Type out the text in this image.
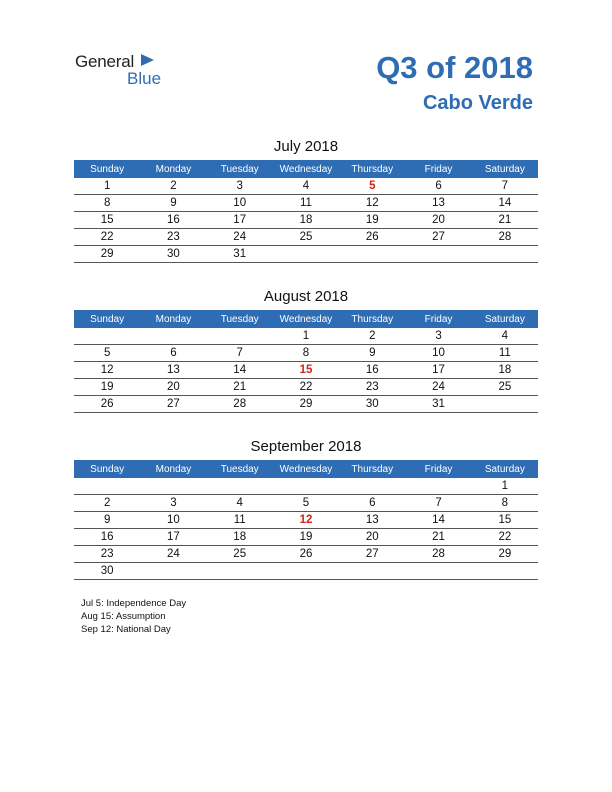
General
Blue	Q3 of 2018
Cabo Verde
July 2018
Sunday	Monday	Tuesday	Wednesday	Thursday	Friday	Saturday
1	2	3	4	5	6	7
8	9	10	11	12	13	14
15	16	17	18	19	20	21
22	23	24	25	26	27	28
29	30	31				
August 2018
Sunday	Monday	Tuesday	Wednesday	Thursday	Friday	Saturday
			1	2	3	4
5	6	7	8	9	10	11
12	13	14	15	16	17	18
19	20	21	22	23	24	25
26	27	28	29	30	31	
September 2018
Sunday	Monday	Tuesday	Wednesday	Thursday	Friday	Saturday
						1
2	3	4	5	6	7	8
9	10	11	12	13	14	15
16	17	18	19	20	21	22
23	24	25	26	27	28	29
30						
Jul 5: Independence Day
Aug 15: Assumption
Sep 12: National Day
